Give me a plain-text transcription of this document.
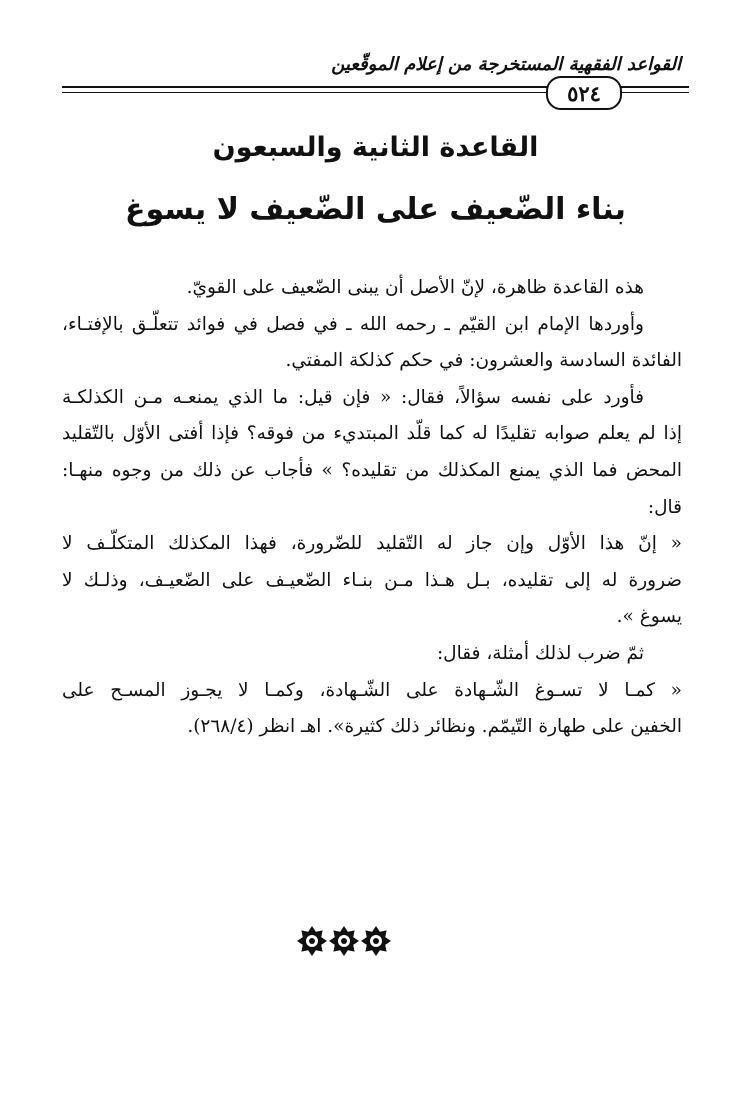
القواعد الفقهية المستخرجة من إعلام الموقّعين
٥٢٤
القاعدة الثانية والسبعون
بناء الضّعيف على الضّعيف لا يسوغ
هذه القاعدة ظاهرة، لإنّ الأصل أن يبنى الضّعيف على القويّ.
وأوردها الإمام ابن القيّم ـ رحمه الله ـ في فصل في فوائد تتعلّـق بالإفتـاء،
الفائدة السادسة والعشرون: في حكم كذلكة المفتي.
فأورد على نفسه سؤالاً، فقال: « فإن قيل: ما الذي يمنعـه مـن الكذلكـة
إذا لم يعلم صوابه تقليدًا له كما قلّد المبتديء من فوقه؟ فإذا أفتى الأوّل بالتّقليد
المحض فما الذي يمنع المكذلك من تقليده؟ » فأجاب عن ذلك من وجوه منهـا:
قال:
« إنّ هذا الأوّل وإن جاز له التّقليد للضّرورة، فهذا المكذلك المتكلّـف لا
ضرورة له إلى تقليده، بـل هـذا مـن بنـاء الضّعيـف على الضّعيـف، وذلـك لا
يسوغ ».
ثمّ ضرب لذلك أمثلة، فقال:
« كمـا لا تسـوغ الشّـهادة على الشّـهادة، وكمـا لا يجـوز المسـح على
الخفين على طهارة التّيمّم. ونظائر ذلك كثيرة». اهـ انظر (٢٦٨/٤).
